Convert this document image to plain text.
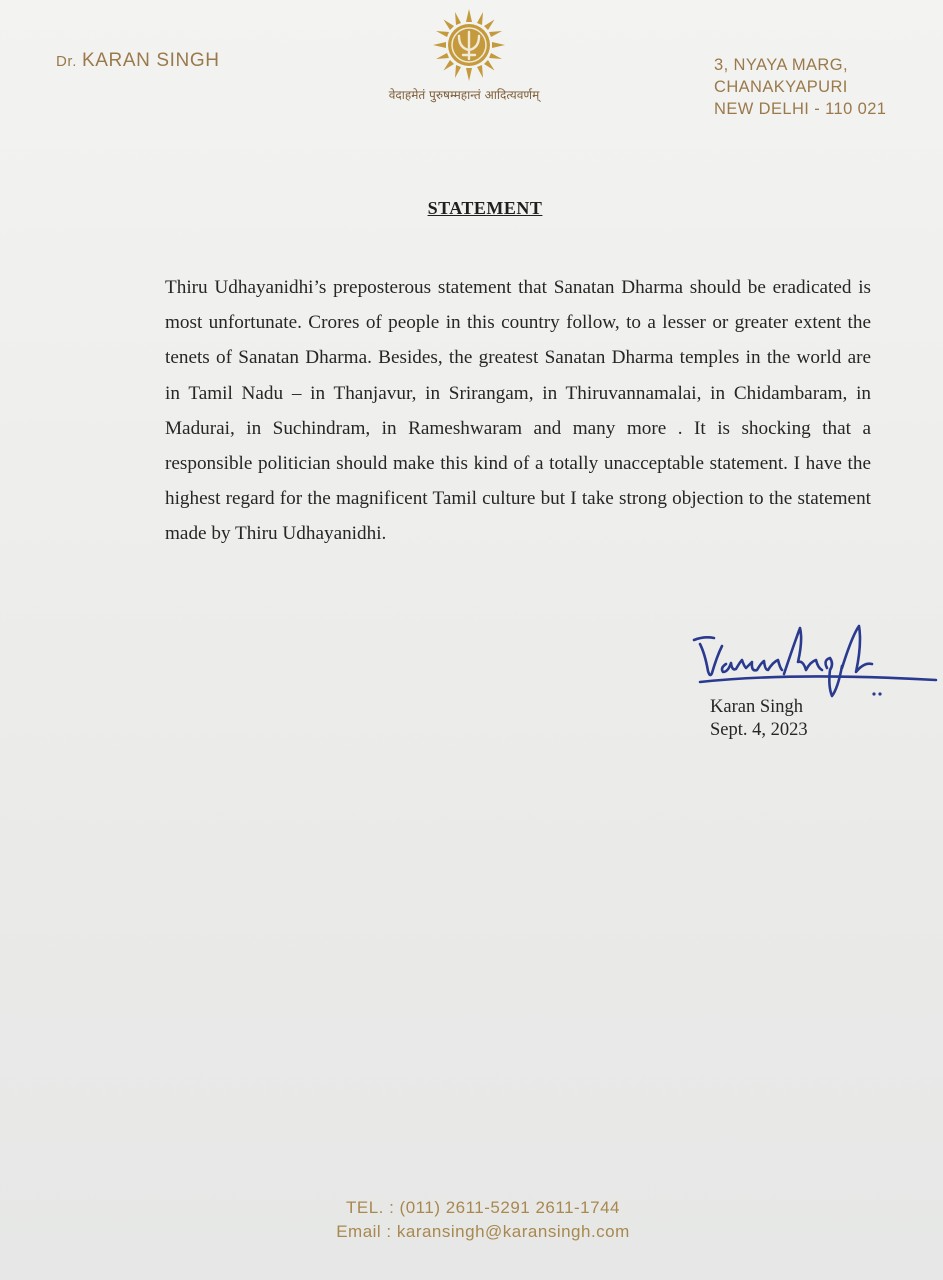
Dr. KARAN SINGH
वेदाहमेतं पुरुषम्महान्तं आदित्यवर्णम्
3, NYAYA MARG,
CHANAKYAPURI
NEW DELHI - 110 021
STATEMENT

Thiru Udhayanidhi’s preposterous statement that Sanatan Dharma should be eradicated is most unfortunate. Crores of people in this country follow, to a lesser or greater extent the tenets of Sanatan Dharma. Besides, the greatest Sanatan Dharma temples in the world are in Tamil Nadu – in Thanjavur, in Srirangam, in Thiruvannamalai, in Chidambaram, in Madurai, in Suchindram, in Rameshwaram and many more . It is shocking that a responsible politician should make this kind of a totally unacceptable statement. I have the highest regard for the magnificent Tamil culture but I take strong objection to the statement made by Thiru Udhayanidhi.

Karan Singh
Sept. 4, 2023
TEL. : (011) 2611-5291 2611-1744
Email : karansingh@karansingh.com
